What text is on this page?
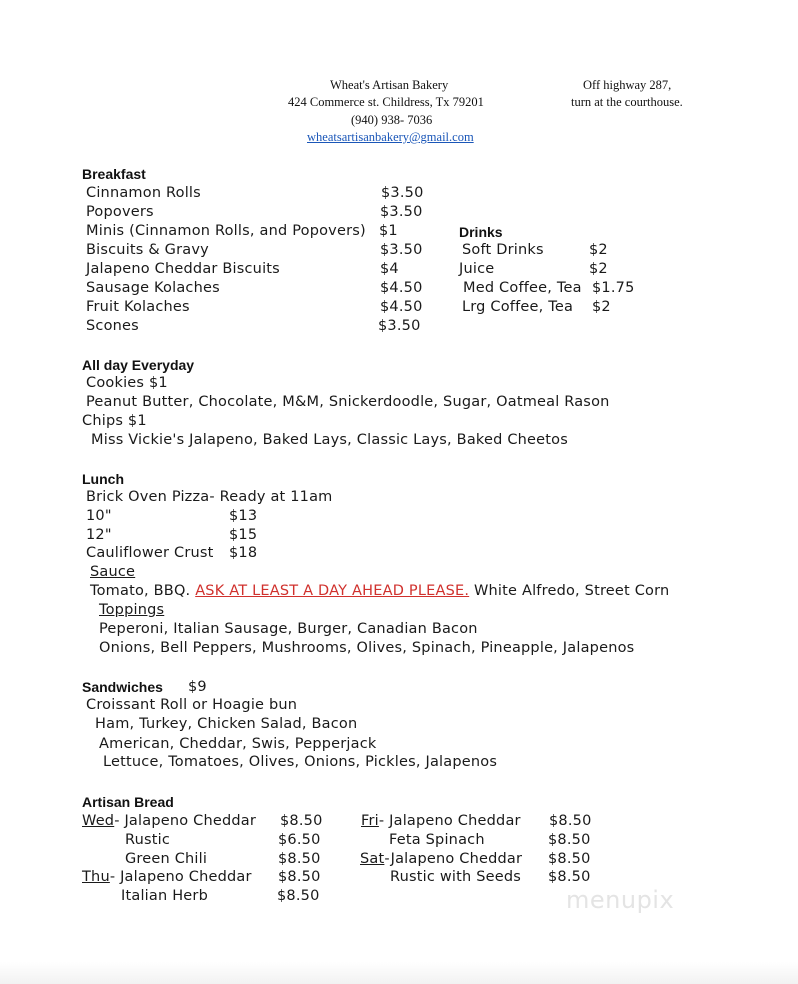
Wheat's Artisan Bakery
424 Commerce st. Childress, Tx 79201
(940) 938- 7036
wheatsartisanbakery@gmail.com
Off highway 287,
turn at the courthouse.
Breakfast
Cinnamon Rolls	$3.50
Popovers	$3.50
Minis (Cinnamon Rolls, and Popovers) $1
Biscuits & Gravy	$3.50
Jalapeno Cheddar Biscuits	$4
Sausage Kolaches	$4.50
Fruit Kolaches	$4.50
Scones	$3.50
Drinks
Soft Drinks	$2
Juice	$2
Med Coffee, Tea $1.75
Lrg Coffee, Tea $2
All day Everyday
Cookies $1
Peanut Butter, Chocolate, M&M, Snickerdoodle, Sugar, Oatmeal Rason
Chips $1
Miss Vickie's Jalapeno, Baked Lays, Classic Lays, Baked Cheetos
Lunch
Brick Oven Pizza- Ready at 11am
10"	$13
12"	$15
Cauliflower Crust $18
Sauce
Tomato, BBQ. ASK AT LEAST A DAY AHEAD PLEASE. White Alfredo, Street Corn
Toppings
Peperoni, Italian Sausage, Burger, Canadian Bacon
Onions, Bell Peppers, Mushrooms, Olives, Spinach, Pineapple, Jalapenos
Sandwiches $9
Croissant Roll or Hoagie bun
Ham, Turkey, Chicken Salad, Bacon
American, Cheddar, Swis, Pepperjack
Lettuce, Tomatoes, Olives, Onions, Pickles, Jalapenos
Artisan Bread
Wed- Jalapeno Cheddar $8.50
Rustic	$6.50
Green Chili	$8.50
Thu- Jalapeno Cheddar $8.50
Italian Herb	$8.50
Fri- Jalapeno Cheddar $8.50
Feta Spinach	$8.50
Sat-Jalapeno Cheddar $8.50
Rustic with Seeds $8.50
menupix
